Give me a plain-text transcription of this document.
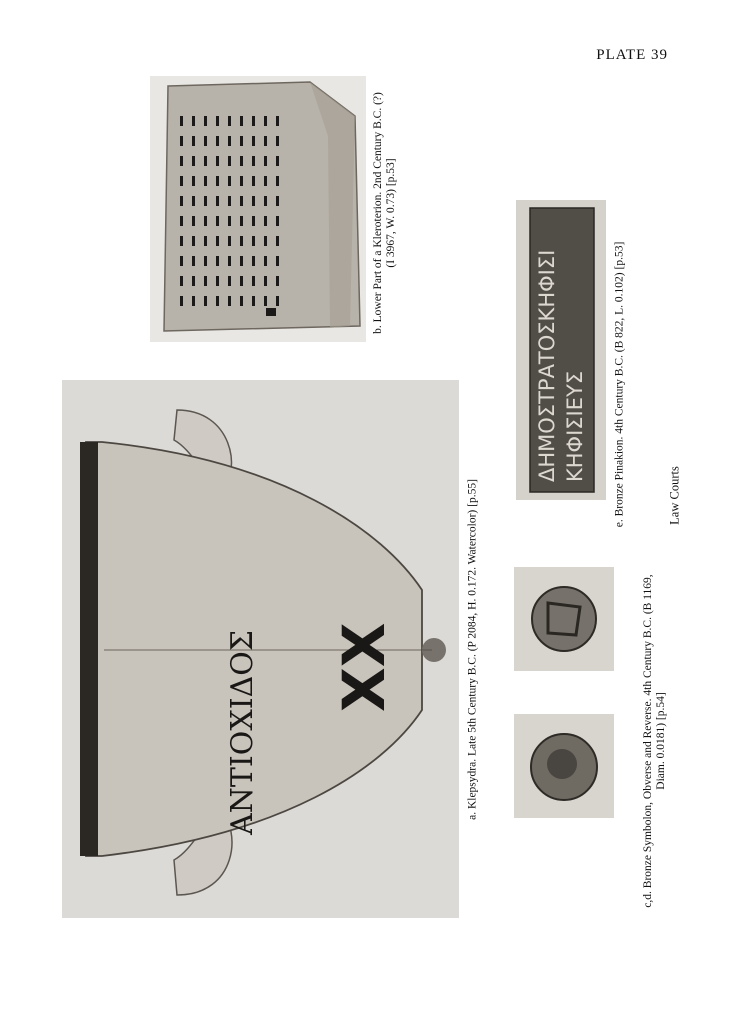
PLATE 39
b. Lower Part of a Kleroterion. 2nd Century B.C. (?) (I 3967, W. 0.73) [p.53]
ΑΝΤΙΟΧΙΔΟΣ XX	a. Klepsydra. Late 5th Century B.C. (P 2084, H. 0.172. Watercolor) [p.55]
ΔΗΜΟΣΤΡΑΤΟΣΚΗΦΙΣΙ ΚΗΦΙΣΙΕΥΣ e. Bronze Pinakion. 4th Century B.C. (B 822, L. 0.102) [p.53]
c,d. Bronze Symbolon, Obverse and Reverse. 4th Century B.C. (B 1169, Diam. 0.0181) [p.54]
Law Courts
